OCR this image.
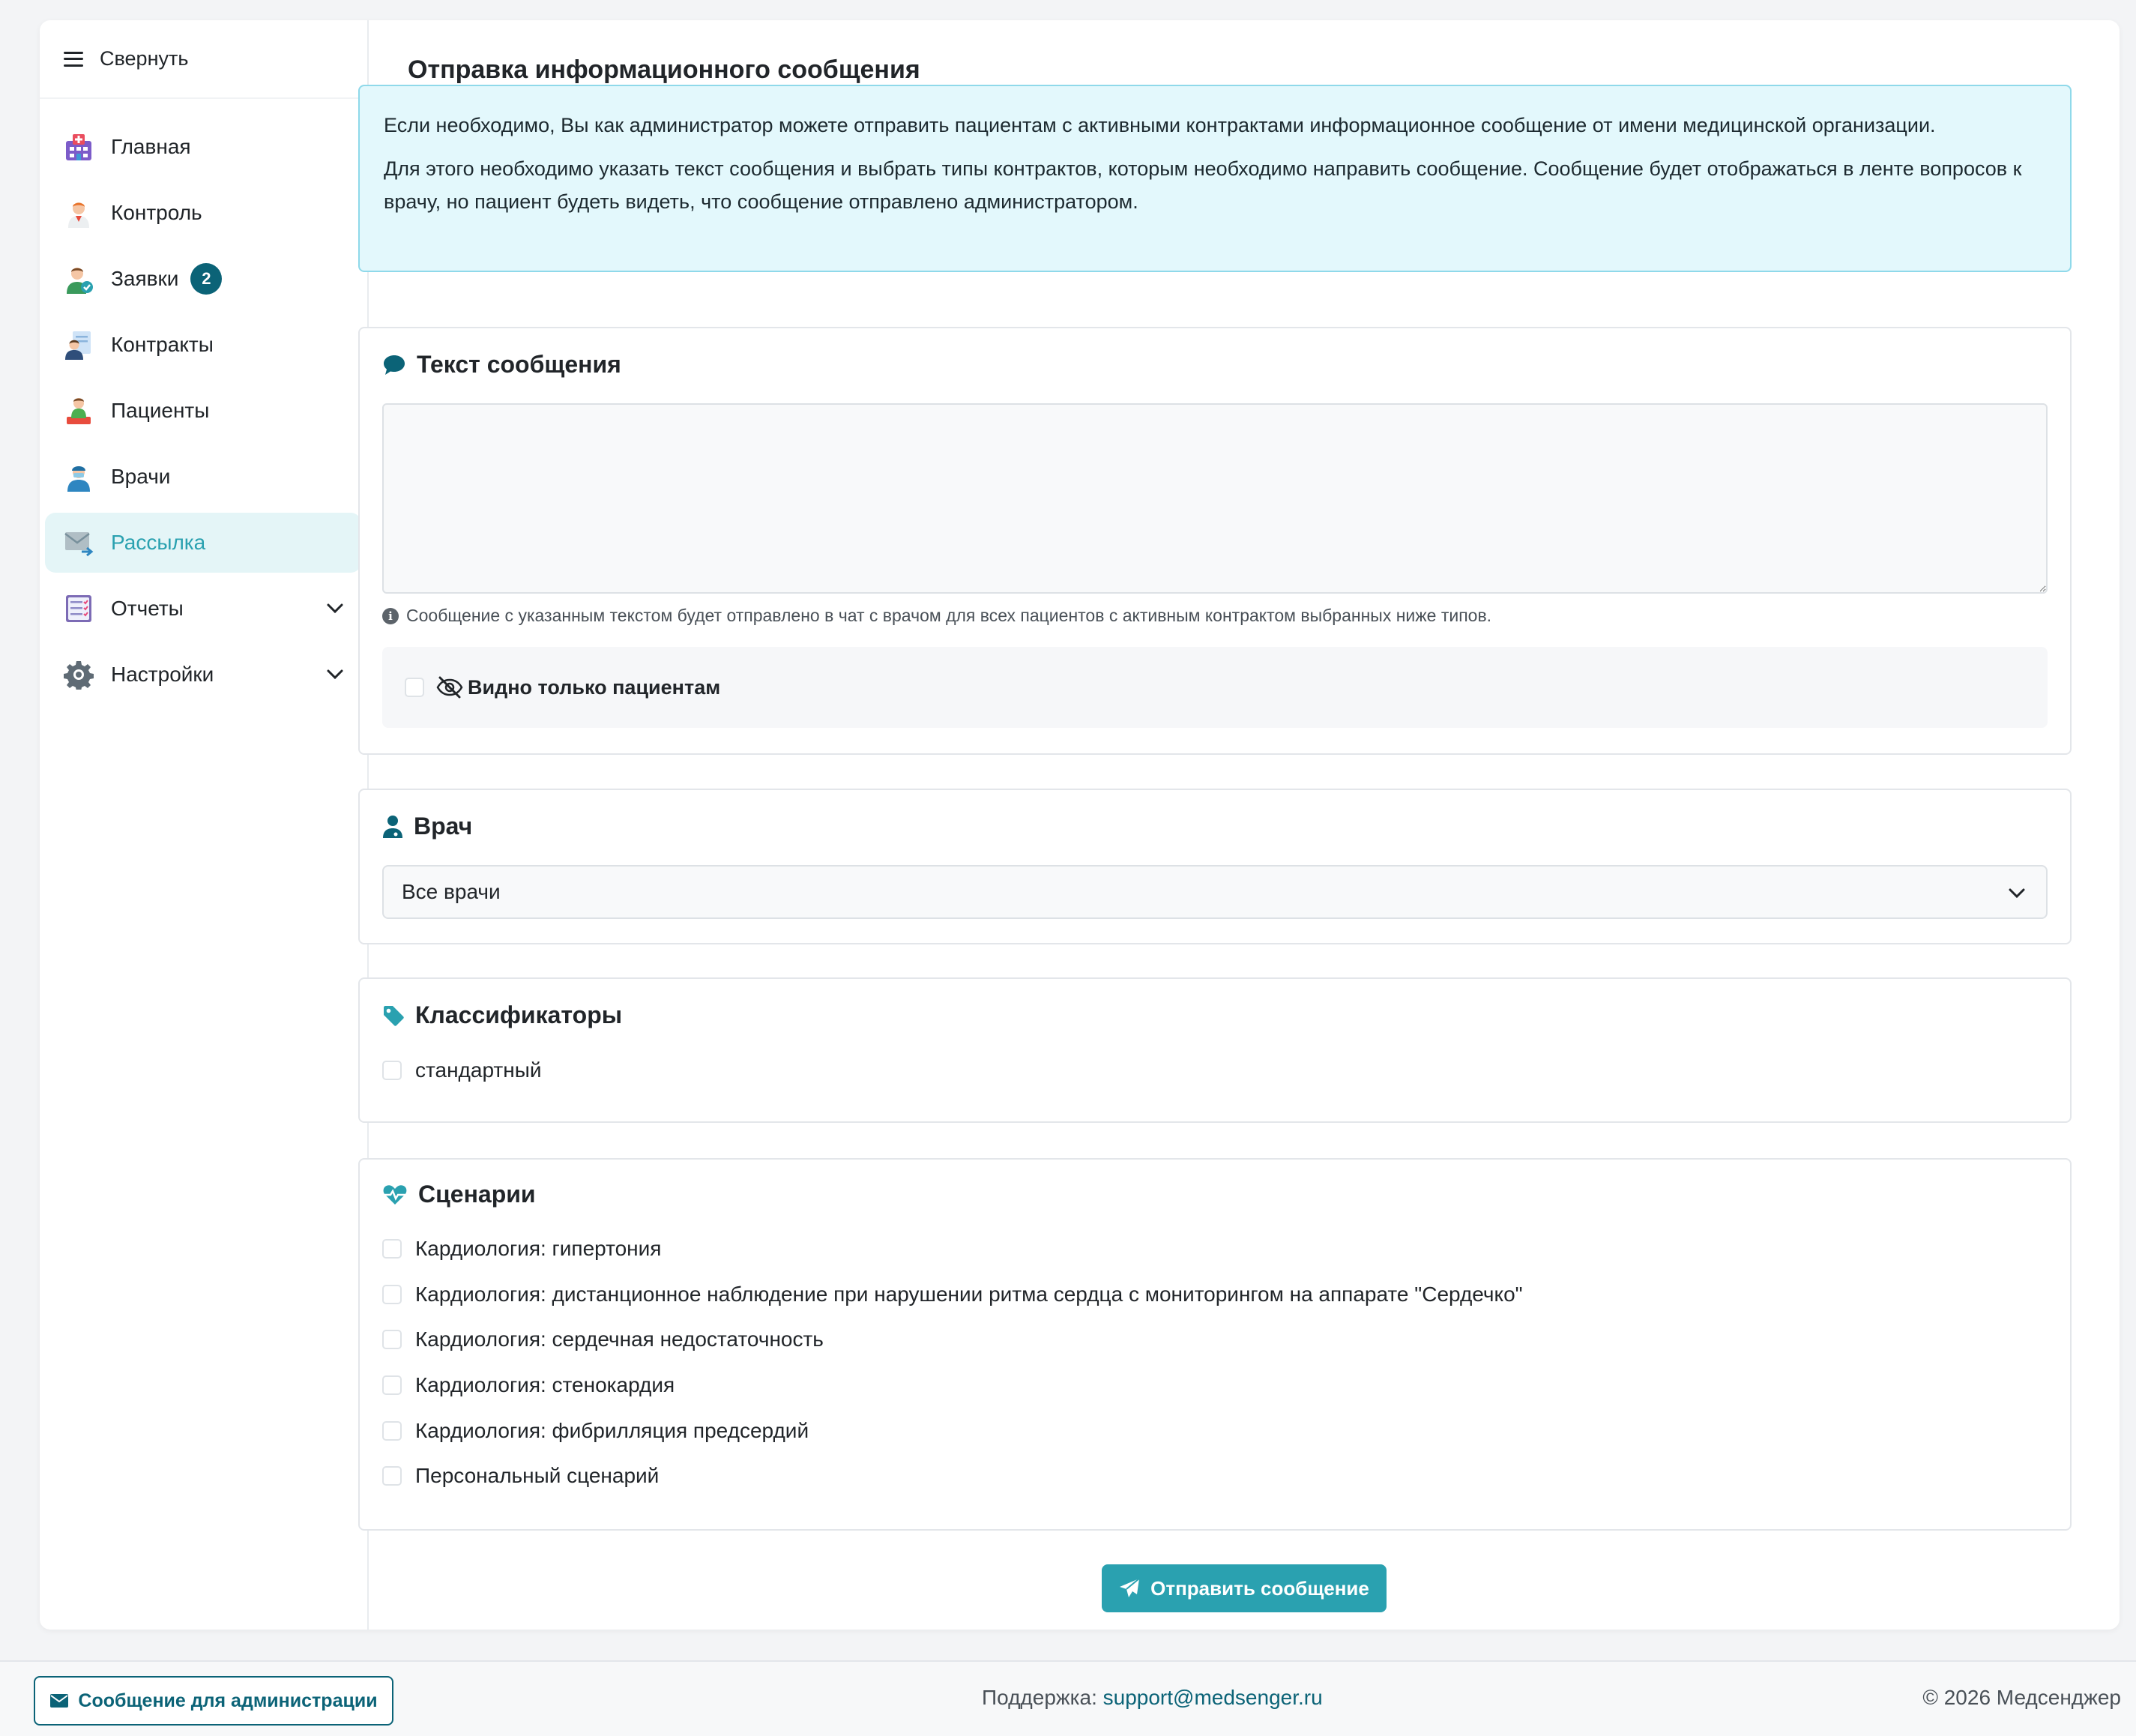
Свернуть
Главная
Контроль
Заявки	2
Контракты
Пациенты
Врачи
Рассылка
Отчеты
Настройки
Отправка информационного сообщения

Если необходимо, Вы как администратор можете отправить пациентам с активными контрактами информационное сообщение от имени медицинской организации.

Для этого необходимо указать текст сообщения и выбрать типы контрактов, которым необходимо направить сообщение. Сообщение будет отображаться в ленте вопросов к врачу, но пациент будеть видеть, что сообщение отправлено администратором.

Текст сообщения
i Сообщение с указанным текстом будет отправлено в чат с врачом для всех пациентов с активным контрактом выбранных ниже типов.
Видно только пациентам
Врач
Все врачи
Классификаторы
стандартный
Сценарии
Кардиология: гипертония
Кардиология: дистанционное наблюдение при нарушении ритма сердца с мониторингом на аппарате "Сердечко"
Кардиология: сердечная недостаточность
Кардиология: стенокардия
Кардиология: фибрилляция предсердий
Персональный сценарий
Отправить сообщение
Сообщение для администрации	Поддержка: support@medsenger.ru	© 2026 Медсенджер
